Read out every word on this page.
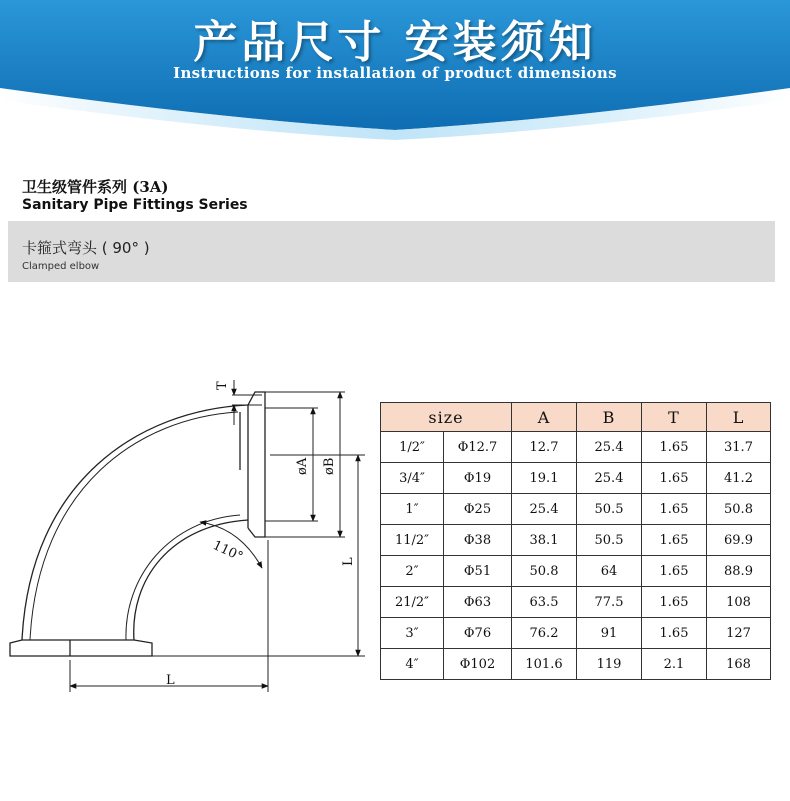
产品尺寸 安装须知
Instructions for installation of product dimensions
卫生级管件系列 (3A)
Sanitary Pipe Fittings Series
卡箍式弯头 ( 90° )
Clamped elbow
T
øA øB
L
L
110°
size		A	B	T	L
1/2″	Φ12.7	12.7	25.4	1.65	31.7
3/4″	Φ19	19.1	25.4	1.65	41.2
1″	Φ25	25.4	50.5	1.65	50.8
11/2″	Φ38	38.1	50.5	1.65	69.9
2″	Φ51	50.8	64	1.65	88.9
21/2″	Φ63	63.5	77.5	1.65	108
3″	Φ76	76.2	91	1.65	127
4″	Φ102	101.6	119	2.1	168
